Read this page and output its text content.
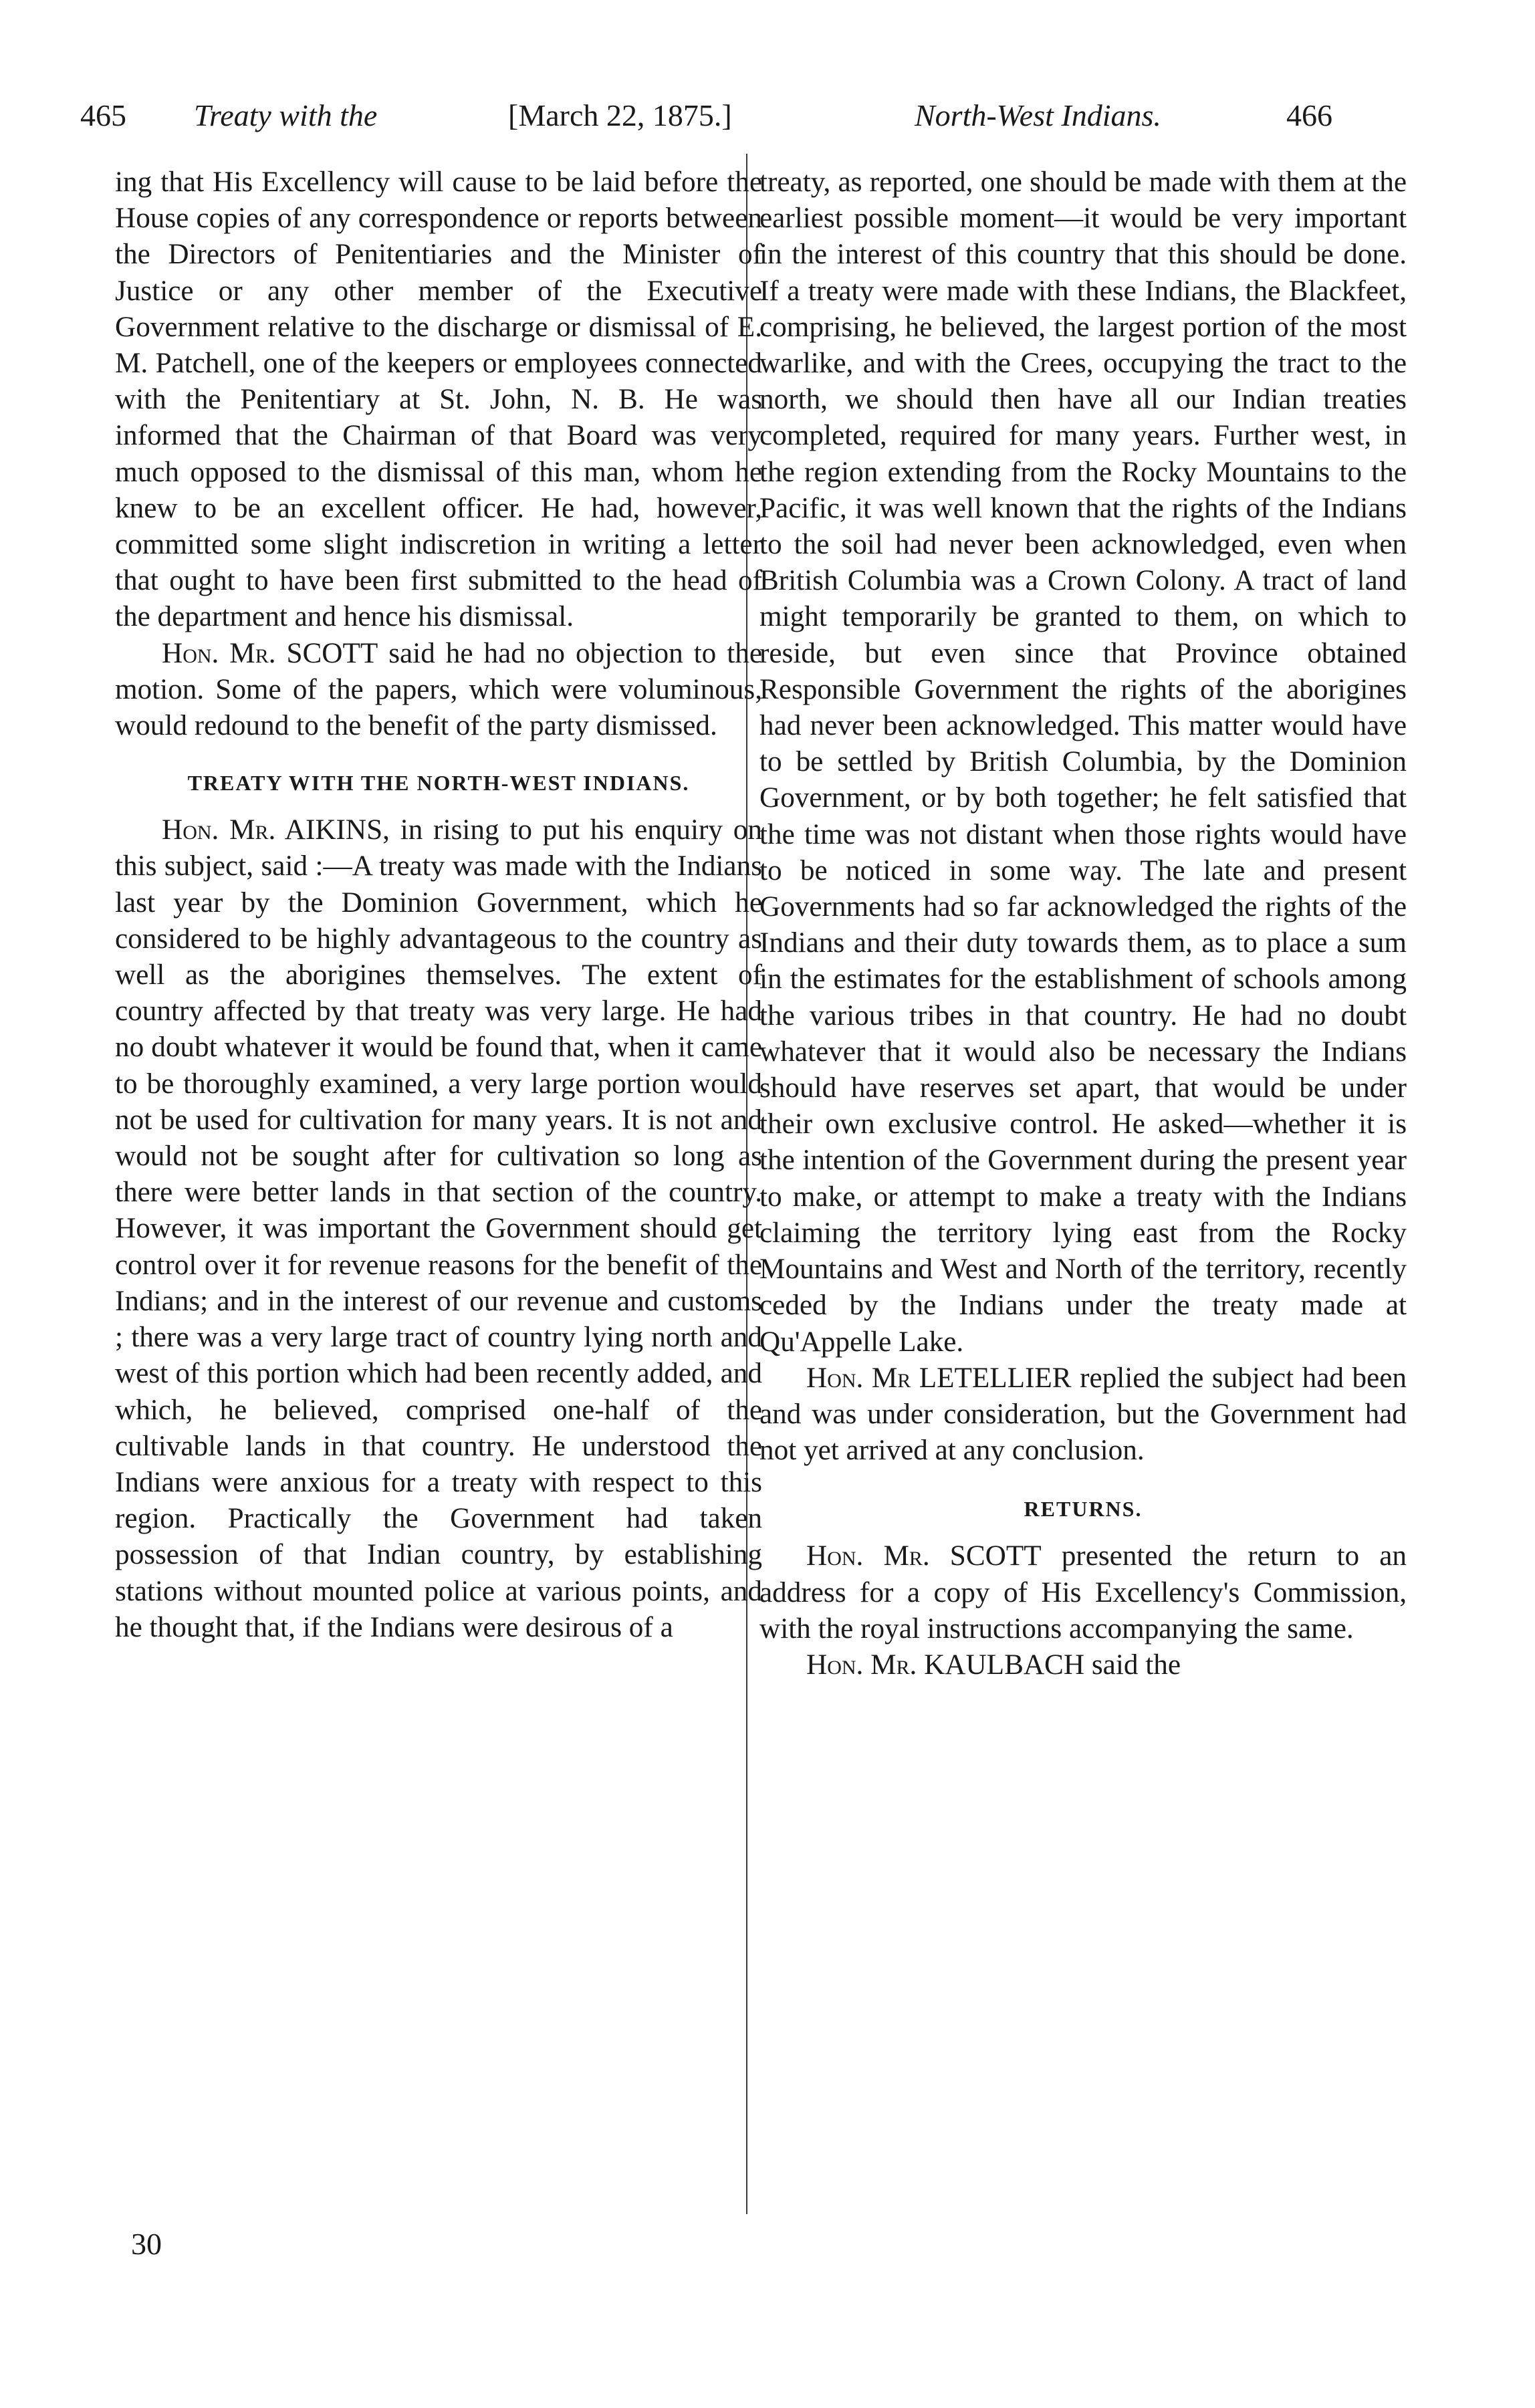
465 Treaty with the	[March 22, 1875.]	North-West Indians.	466

ing that His Excellency will cause to be laid before the House copies of any correspondence or reports between the Directors of Penitentiaries and the Minister of Justice or any other member of the Executive Government relative to the discharge or dismissal of E. M. Patchell, one of the keepers or employees connected with the Penitentiary at St. John, N. B. He was informed that the Chairman of that Board was very much opposed to the dismissal of this man, whom he knew to be an excellent officer. He had, however, committed some slight indiscretion in writing a letter that ought to have been first submitted to the head of the department and hence his dismissal.

Hon. Mr. SCOTT said he had no objection to the motion. Some of the papers, which were voluminous, would redound to the benefit of the party dismissed.

TREATY WITH THE NORTH-WEST INDIANS.

Hon. Mr. AIKINS, in rising to put his enquiry on this subject, said :—A treaty was made with the Indians last year by the Dominion Government, which he considered to be highly advantageous to the country as well as the aborigines themselves. The extent of country affected by that treaty was very large. He had no doubt whatever it would be found that, when it came to be thoroughly examined, a very large portion would not be used for cultivation for many years. It is not and would not be sought after for cultivation so long as there were better lands in that section of the country. However, it was important the Government should get control over it for revenue reasons for the benefit of the Indians; and in the interest of our revenue and customs ; there was a very large tract of country lying north and west of this portion which had been recently added, and which, he believed, comprised one-half of the cultivable lands in that country. He understood the Indians were anxious for a treaty with respect to this region. Practically the Government had taken possession of that Indian country, by establishing stations without mounted police at various points, and he thought that, if the Indians were desirous of a

treaty, as reported, one should be made with them at the earliest possible moment—it would be very important in the interest of this country that this should be done. If a treaty were made with these Indians, the Blackfeet, comprising, he believed, the largest portion of the most warlike, and with the Crees, occupying the tract to the north, we should then have all our Indian treaties completed, required for many years. Further west, in the region extending from the Rocky Mountains to the Pacific, it was well known that the rights of the Indians to the soil had never been acknowledged, even when British Columbia was a Crown Colony. A tract of land might temporarily be granted to them, on which to reside, but even since that Province obtained Responsible Government the rights of the aborigines had never been acknowledged. This matter would have to be settled by British Columbia, by the Dominion Government, or by both together; he felt satisfied that the time was not distant when those rights would have to be noticed in some way. The late and present Governments had so far acknowledged the rights of the Indians and their duty towards them, as to place a sum in the estimates for the establishment of schools among the various tribes in that country. He had no doubt whatever that it would also be necessary the Indians should have reserves set apart, that would be under their own exclusive control. He asked—whether it is the intention of the Government during the present year to make, or attempt to make a treaty with the Indians claiming the territory lying east from the Rocky Mountains and West and North of the territory, recently ceded by the Indians under the treaty made at Qu'Appelle Lake.

Hon. Mr LETELLIER replied the subject had been and was under consideration, but the Government had not yet arrived at any conclusion.

RETURNS.

Hon. Mr. SCOTT presented the return to an address for a copy of His Excellency's Commission, with the royal instructions accompanying the same.

Hon. Mr. KAULBACH said the

30
